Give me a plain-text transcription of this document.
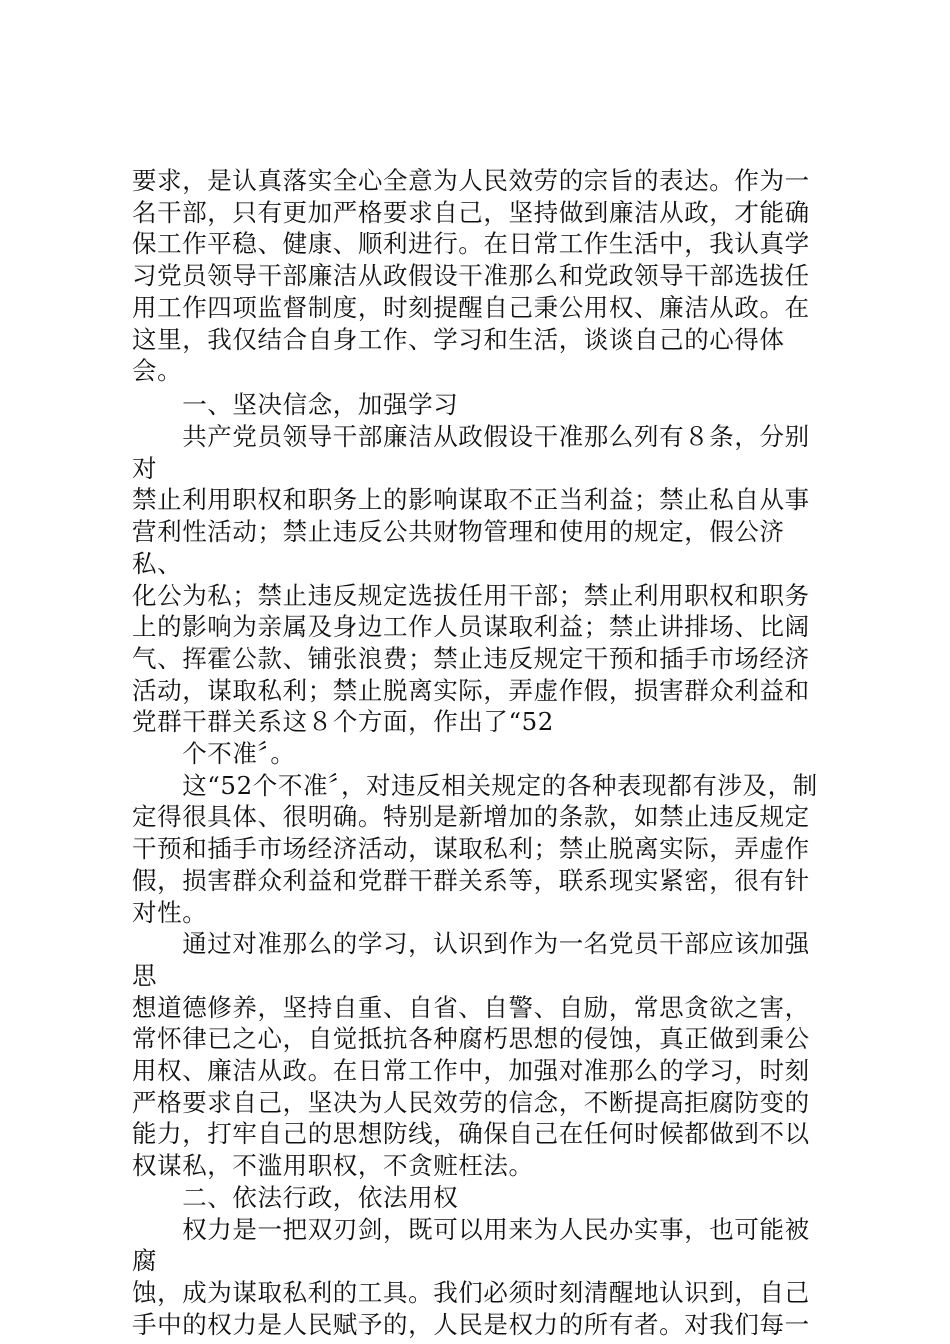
要求，是认真落实全心全意为人民效劳的宗旨的表达。作为一
名干部，只有更加严格要求自己，坚持做到廉洁从政，才能确
保工作平稳、健康、顺利进行。在日常工作生活中，我认真学
习党员领导干部廉洁从政假设干准那么和党政领导干部选拔任
用工作四项监督制度，时刻提醒自己秉公用权、廉洁从政。在
这里，我仅结合自身工作、学习和生活，谈谈自己的心得体会。
　　一、坚决信念，加强学习
　　共产党员领导干部廉洁从政假设干准那么列有８条，分别对
禁止利用职权和职务上的影响谋取不正当利益；禁止私自从事
营利性活动；禁止违反公共财物管理和使用的规定，假公济私、
化公为私；禁止违反规定选拔任用干部；禁止利用职权和职务
上的影响为亲属及身边工作人员谋取利益；禁止讲排场、比阔
气、挥霍公款、铺张浪费；禁止违反规定干预和插手市场经济
活动，谋取私利；禁止脱离实际，弄虚作假，损害群众利益和
党群干群关系这８个方面，作出了“52
　　个不准〞。
　　这“52个不准〞，对违反相关规定的各种表现都有涉及，制
定得很具体、很明确。特别是新增加的条款，如禁止违反规定
干预和插手市场经济活动，谋取私利；禁止脱离实际，弄虚作
假，损害群众利益和党群干群关系等，联系现实紧密，很有针
对性。
　　通过对准那么的学习，认识到作为一名党员干部应该加强思
想道德修养，坚持自重、自省、自警、自励，常思贪欲之害，
常怀律已之心，自觉抵抗各种腐朽思想的侵蚀，真正做到秉公
用权、廉洁从政。在日常工作中，加强对准那么的学习，时刻
严格要求自己，坚决为人民效劳的信念，不断提高拒腐防变的
能力，打牢自己的思想防线，确保自己在任何时候都做到不以
权谋私，不滥用职权，不贪赃枉法。
　　二、依法行政，依法用权
　　权力是一把双刃剑，既可以用来为人民办实事，也可能被腐
蚀，成为谋取私利的工具。我们必须时刻清醒地认识到，自己
手中的权力是人民赋予的，人民是权力的所有者。对我们每一
